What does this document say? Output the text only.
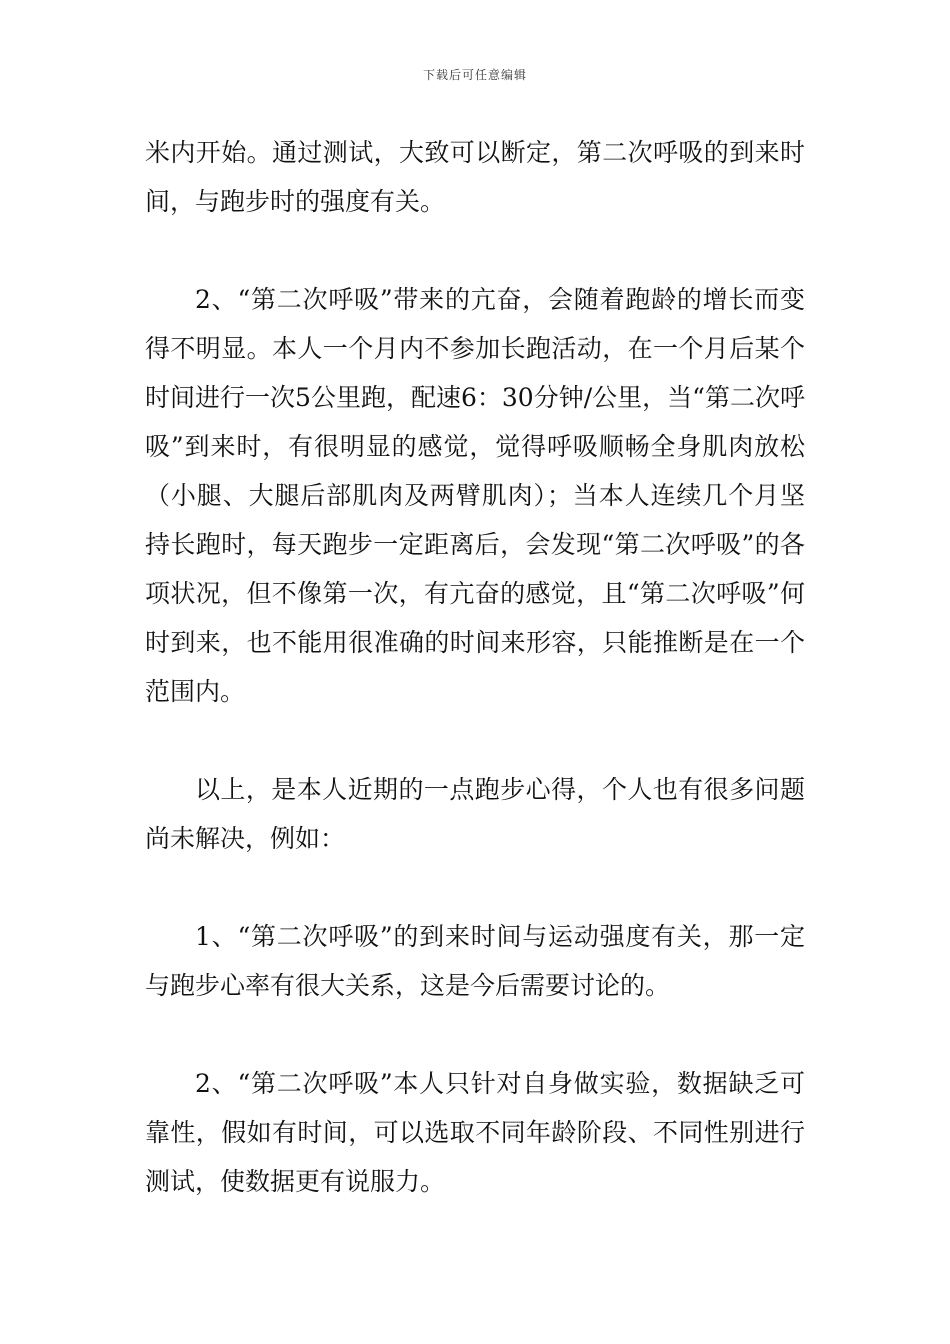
下载后可任意编辑

米内开始。通过测试，大致可以断定，第二次呼吸的到来时间，与跑步时的强度有关。

2、“第二次呼吸”带来的亢奋，会随着跑龄的增长而变得不明显。本人一个月内不参加长跑活动，在一个月后某个时间进行一次5公里跑，配速6：30分钟/公里，当“第二次呼吸”到来时，有很明显的感觉，觉得呼吸顺畅全身肌肉放松（小腿、大腿后部肌肉及两臂肌肉）；当本人连续几个月坚持长跑时，每天跑步一定距离后，会发现“第二次呼吸”的各项状况，但不像第一次，有亢奋的感觉，且“第二次呼吸”何时到来，也不能用很准确的时间来形容，只能推断是在一个范围内。

以上，是本人近期的一点跑步心得，个人也有很多问题尚未解决，例如：

1、“第二次呼吸”的到来时间与运动强度有关，那一定与跑步心率有很大关系，这是今后需要讨论的。

2、“第二次呼吸”本人只针对自身做实验，数据缺乏可靠性，假如有时间，可以选取不同年龄阶段、不同性别进行测试，使数据更有说服力。
